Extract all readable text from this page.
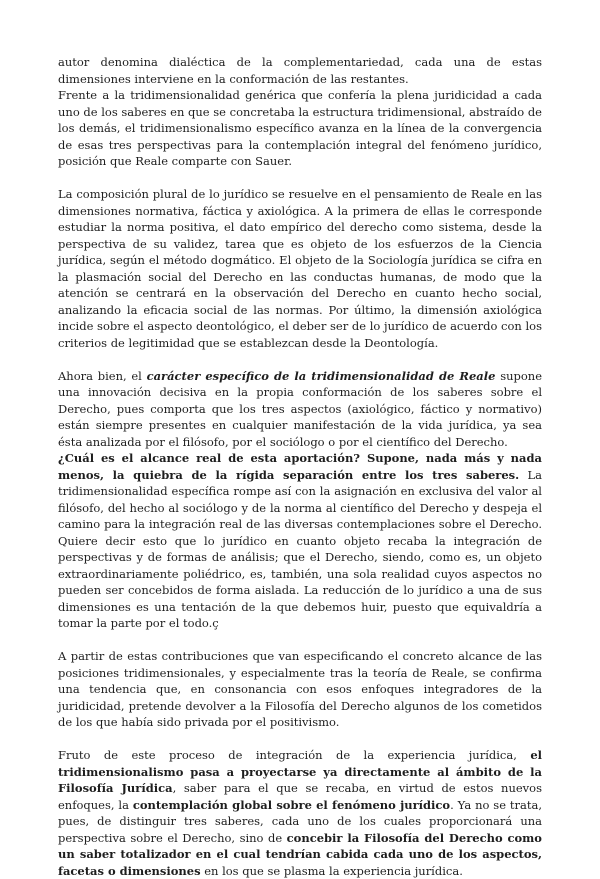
autor denomina dialéctica de la complementariedad, cada una de estas dimensiones interviene en la conformación de las restantes.

Frente a la tridimensionalidad genérica que confería la plena juridicidad a cada uno de los saberes en que se concretaba la estructura tridimensional, abstraído de los demás, el tridimensionalismo específico avanza en la línea de la convergencia de esas tres perspectivas para la contemplación integral del fenómeno jurídico, posición que Reale comparte con Sauer.

La composición plural de lo jurídico se resuelve en el pensamiento de Reale en las dimensiones normativa, fáctica y axiológica. A la primera de ellas le corresponde estudiar la norma positiva, el dato empírico del derecho como sistema, desde la perspectiva de su validez, tarea que es objeto de los esfuerzos de la Ciencia jurídica, según el método dogmático. El objeto de la Sociología jurídica se cifra en la plasmación social del Derecho en las conductas humanas, de modo que la atención se centrará en la observación del Derecho en cuanto hecho social, analizando la eficacia social de las normas. Por último, la dimensión axiológica incide sobre el aspecto deontológico, el deber ser de lo jurídico de acuerdo con los criterios de legitimidad que se establezcan desde la Deontología.

Ahora bien, el carácter específico de la tridimensionalidad de Reale supone una innovación decisiva en la propia conformación de los saberes sobre el Derecho, pues comporta que los tres aspectos (axiológico, fáctico y normativo) están siempre presentes en cualquier manifestación de la vida jurídica, ya sea ésta analizada por el filósofo, por el sociólogo o por el científico del Derecho.

¿Cuál es el alcance real de esta aportación? Supone, nada más y nada menos, la quiebra de la rígida separación entre los tres saberes. La tridimensionalidad específica rompe así con la asignación en exclusiva del valor al filósofo, del hecho al sociólogo y de la norma al científico del Derecho y despeja el camino para la integración real de las diversas contemplaciones sobre el Derecho. Quiere decir esto que lo jurídico en cuanto objeto recaba la integración de perspectivas y de formas de análisis; que el Derecho, siendo, como es, un objeto extraordinariamente poliédrico, es, también, una sola realidad cuyos aspectos no pueden ser concebidos de forma aislada. La reducción de lo jurídico a una de sus dimensiones es una tentación de la que debemos huir, puesto que equivaldría a tomar la parte por el todo.ç

A partir de estas contribuciones que van especificando el concreto alcance de las posiciones tridimensionales, y especialmente tras la teoría de Reale, se confirma una tendencia que, en consonancia con esos enfoques integradores de la juridicidad, pretende devolver a la Filosofía del Derecho algunos de los cometidos de los que había sido privada por el positivismo.

Fruto de este proceso de integración de la experiencia jurídica, el tridimensionalismo pasa a proyectarse ya directamente al ámbito de la Filosofía Jurídica, saber para el que se recaba, en virtud de estos nuevos enfoques, la contemplación global sobre el fenómeno jurídico. Ya no se trata, pues, de distinguir tres saberes, cada uno de los cuales proporcionará una perspectiva sobre el Derecho, sino de concebir la Filosofía del Derecho como un saber totalizador en el cual tendrían cabida cada uno de los aspectos, facetas o dimensiones en los que se plasma la experiencia jurídica.
